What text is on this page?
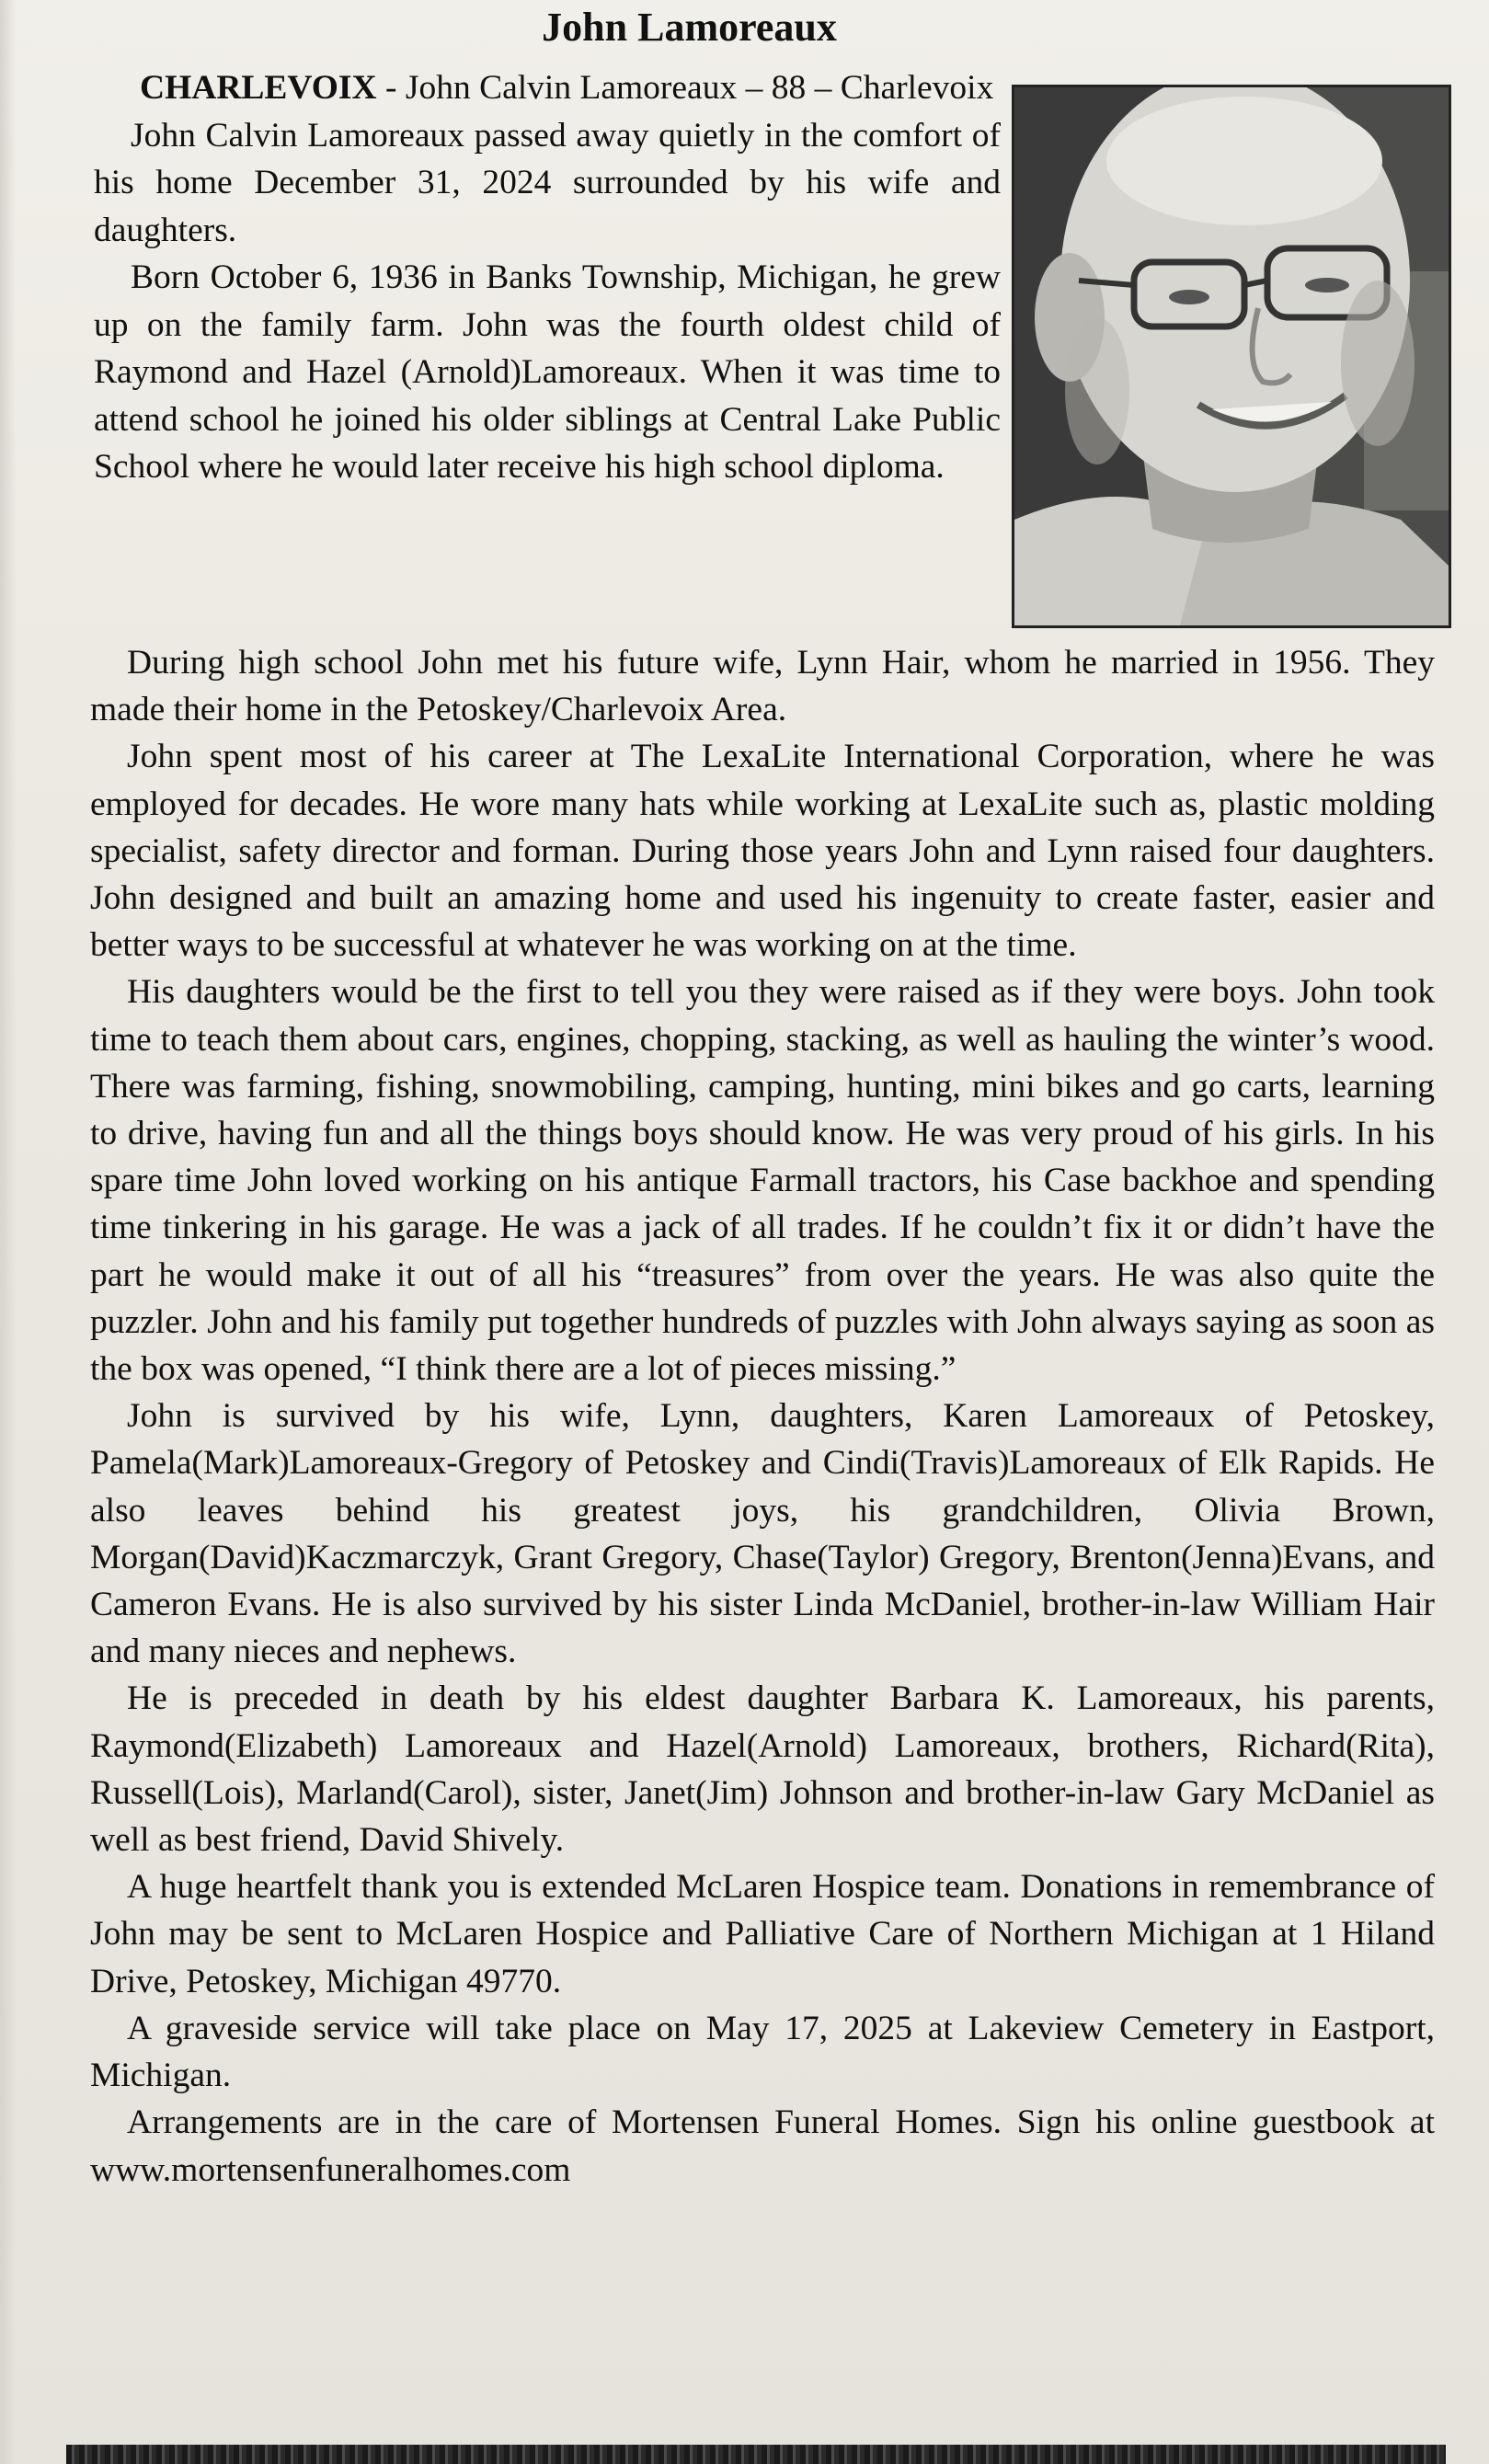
John Lamoreaux

CHARLEVOIX - John Calvin Lamoreaux – 88 – Charlevoix

John Calvin Lamoreaux passed away quietly in the comfort of his home December 31, 2024 surrounded by his wife and daughters.

Born October 6, 1936 in Banks Township, Michigan, he grew up on the family farm. John was the fourth oldest child of Raymond and Hazel (Arnold)Lamoreaux. When it was time to attend school he joined his older siblings at Central Lake Public School where he would later receive his high school diploma.

During high school John met his future wife, Lynn Hair, whom he married in 1956. They made their home in the Petoskey/Charlevoix Area.

John spent most of his career at The LexaLite International Corporation, where he was employed for decades. He wore many hats while working at LexaLite such as, plastic molding specialist, safety director and forman. During those years John and Lynn raised four daughters. John designed and built an amazing home and used his ingenuity to create faster, easier and better ways to be successful at whatever he was working on at the time.

His daughters would be the first to tell you they were raised as if they were boys. John took time to teach them about cars, engines, chopping, stacking, as well as hauling the winter’s wood. There was farming, fishing, snowmobiling, camping, hunting, mini bikes and go carts, learning to drive, having fun and all the things boys should know. He was very proud of his girls. In his spare time John loved working on his antique Farmall tractors, his Case backhoe and spending time tinkering in his garage. He was a jack of all trades. If he couldn’t fix it or didn’t have the part he would make it out of all his “treasures” from over the years. He was also quite the puzzler. John and his family put together hundreds of puzzles with John always saying as soon as the box was opened, “I think there are a lot of pieces missing.”

John is survived by his wife, Lynn, daughters, Karen Lamoreaux of Petoskey, Pamela(Mark)Lamoreaux-Gregory of Petoskey and Cindi(Travis)Lamoreaux of Elk Rapids. He also leaves behind his greatest joys, his grandchildren, Olivia Brown, Morgan(David)Kaczmarczyk, Grant Gregory, Chase(Taylor) Gregory, Brenton(Jenna)Evans, and Cameron Evans. He is also survived by his sister Linda McDaniel, brother-in-law William Hair and many nieces and nephews.

He is preceded in death by his eldest daughter Barbara K. Lamoreaux, his parents, Raymond(Elizabeth) Lamoreaux and Hazel(Arnold) Lamoreaux, brothers, Richard(Rita), Russell(Lois), Marland(Carol), sister, Janet(Jim) Johnson and brother-in-law Gary McDaniel as well as best friend, David Shively.

A huge heartfelt thank you is extended McLaren Hospice team. Donations in remembrance of John may be sent to McLaren Hospice and Palliative Care of Northern Michigan at 1 Hiland Drive, Petoskey, Michigan 49770.

A graveside service will take place on May 17, 2025 at Lakeview Cemetery in Eastport, Michigan.

Arrangements are in the care of Mortensen Funeral Homes. Sign his online guestbook at www.mortensenfuneralhomes.com
